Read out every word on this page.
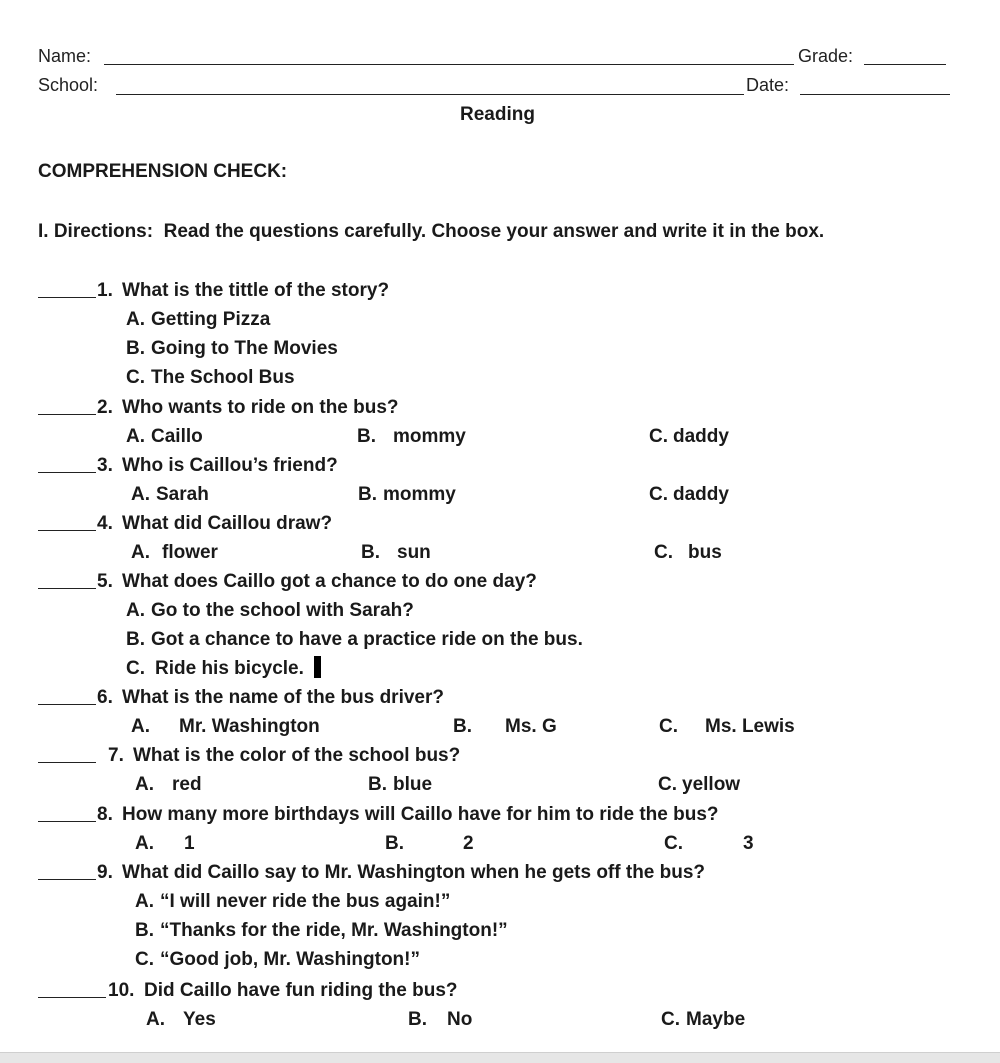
Name:	Grade:
School:	Date:
Reading
COMPREHENSION CHECK:
I. Directions:  Read the questions carefully. Choose your answer and write it in the box.
1. What is the tittle of the story?
A. Getting Pizza
B. Going to The Movies
C. The School Bus
2. Who wants to ride on the bus?
A. Caillo	B. mommy	C. daddy
3. Who is Caillou’s friend?
A. Sarah	B. mommy	C. daddy
4. What did Caillou draw?
A. flower	B. sun	C. bus
5. What does Caillo got a chance to do one day?
A. Go to the school with Sarah?
B. Got a chance to have a practice ride on the bus.
C. Ride his bicycle.
6. What is the name of the bus driver?
A. Mr. Washington	B. Ms. G	C. Ms. Lewis
7. What is the color of the school bus?
A. red	B. blue	C. yellow
8. How many more birthdays will Caillo have for him to ride the bus?
A. 1	B.	2	C.	3
9. What did Caillo say to Mr. Washington when he gets off the bus?
A. “I will never ride the bus again!”
B. “Thanks for the ride, Mr. Washington!”
C. “Good job, Mr. Washington!”
10. Did Caillo have fun riding the bus?
A. Yes	B. No	C. Maybe
